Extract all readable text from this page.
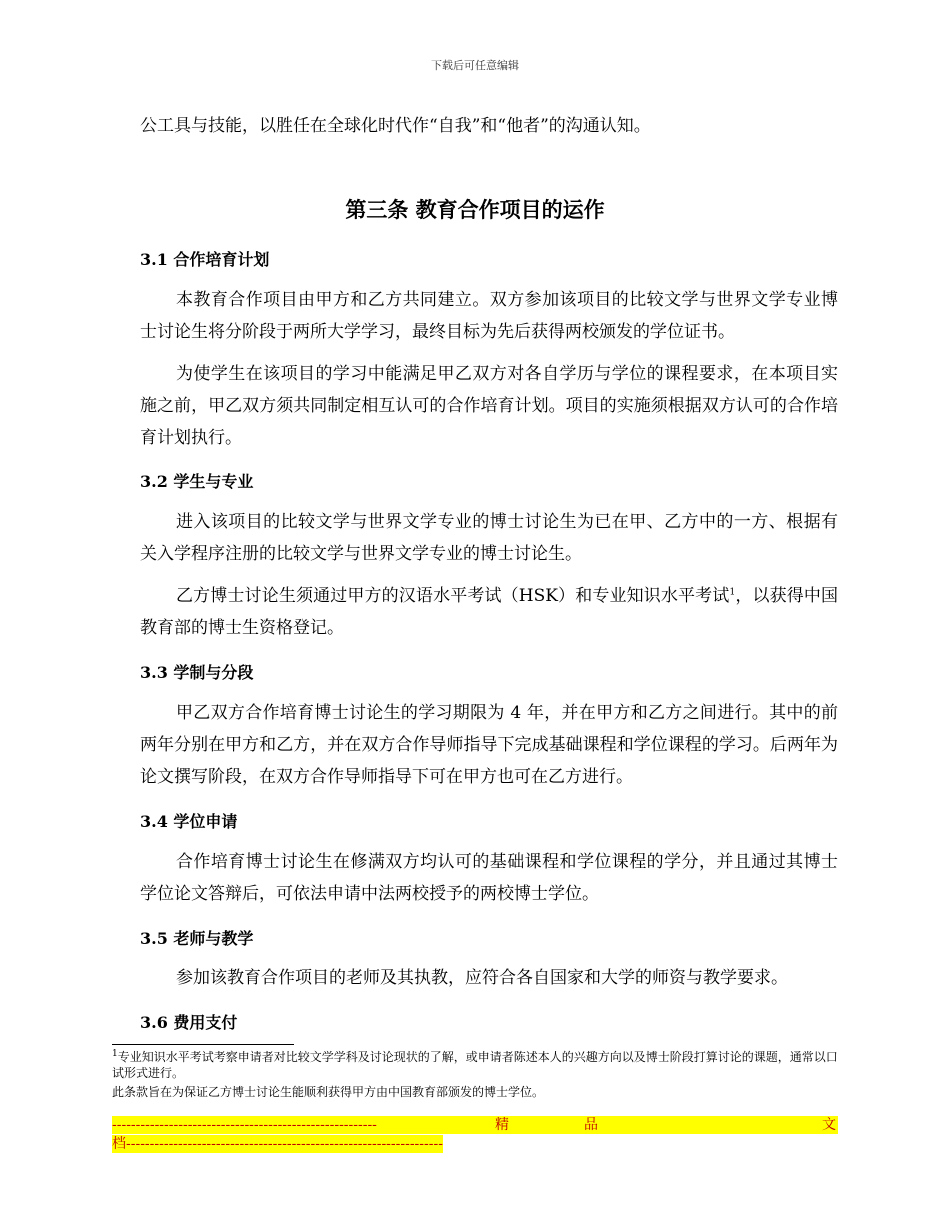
下载后可任意编辑

公工具与技能，以胜任在全球化时代作“自我”和“他者”的沟通认知。

第三条 教育合作项目的运作
3.1 合作培育计划

本教育合作项目由甲方和乙方共同建立。双方参加该项目的比较文学与世界文学专业博士讨论生将分阶段于两所大学学习，最终目标为先后获得两校颁发的学位证书。

为使学生在该项目的学习中能满足甲乙双方对各自学历与学位的课程要求，在本项目实施之前，甲乙双方须共同制定相互认可的合作培育计划。项目的实施须根据双方认可的合作培育计划执行。

3.2 学生与专业

进入该项目的比较文学与世界文学专业的博士讨论生为已在甲、乙方中的一方、根据有关入学程序注册的比较文学与世界文学专业的博士讨论生。

乙方博士讨论生须通过甲方的汉语水平考试（HSK）和专业知识水平考试$^1$，以获得中国教育部的博士生资格登记。

3.3 学制与分段

甲乙双方合作培育博士讨论生的学习期限为 4 年，并在甲方和乙方之间进行。其中的前两年分别在甲方和乙方，并在双方合作导师指导下完成基础课程和学位课程的学习。后两年为论文撰写阶段，在双方合作导师指导下可在甲方也可在乙方进行。

3.4 学位申请

合作培育博士讨论生在修满双方均认可的基础课程和学位课程的学分，并且通过其博士学位论文答辩后，可依法申请中法两校授予的两校博士学位。

3.5 老师与教学

参加该教育合作项目的老师及其执教，应符合各自国家和大学的师资与教学要求。

3.6 费用支付

$^1$专业知识水平考试考察申请者对比较文学学科及讨论现状的了解，或申请者陈述本人的兴趣方向以及博士阶段打算讨论的课题，通常以口试形式进行。

此条款旨在为保证乙方博士讨论生能顺利获得甲方由中国教育部颁发的博士学位。

--------------------------------------------------------	精	品	文
档-------------------------------------------------------------------
